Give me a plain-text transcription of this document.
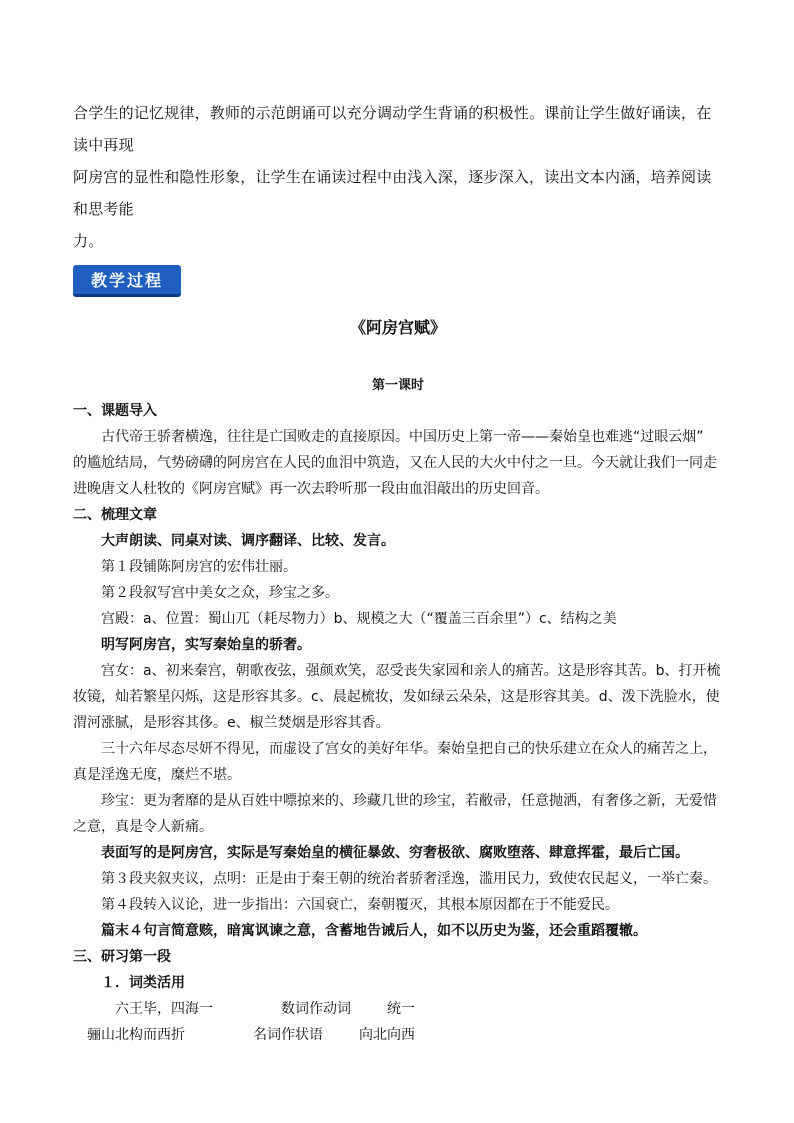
合学生的记忆规律，教师的示范朗诵可以充分调动学生背诵的积极性。课前让学生做好诵读，在读中再现

阿房宫的显性和隐性形象，让学生在诵读过程中由浅入深，逐步深入，读出文本内涵，培养阅读和思考能

力。

教学过程
《阿房宫赋》
第一课时

一、课题导入

古代帝王骄奢横逸，往往是亡国败走的直接原因。中国历史上第一帝——秦始皇也难逃“过眼云烟”

的尴尬结局，气势磅礴的阿房宫在人民的血泪中筑造，又在人民的大火中付之一旦。今天就让我们一同走

进晚唐文人杜牧的《阿房宫赋》再一次去聆听那一段由血泪敲出的历史回音。

二、梳理文章

大声朗读、同桌对读、调序翻译、比较、发言。

第１段铺陈阿房宫的宏伟壮丽。

第２段叙写宫中美女之众，珍宝之多。

宫殿：a、位置：蜀山兀（耗尽物力）b、规模之大（“覆盖三百余里”）c、结构之美

明写阿房宫，实写秦始皇的骄奢。

宫女：a、初来秦宫，朝歌夜弦，强颜欢笑，忍受丧失家园和亲人的痛苦。这是形容其苦。b、打开梳

妆镜，灿若繁星闪烁，这是形容其多。c、晨起梳妆，发如绿云朵朵，这是形容其美。d、泼下洗脸水，使

渭河涨腻，是形容其侈。e、椒兰焚烟是形容其香。

三十六年尽态尽妍不得见，而虚设了宫女的美好年华。秦始皇把自己的快乐建立在众人的痛苦之上，

真是淫逸无度，糜烂不堪。

珍宝：更为奢靡的是从百姓中嘌掠来的、珍藏几世的珍宝，若敝帚，任意抛洒，有奢侈之新，无爱惜

之意，真是令人新痛。

表面写的是阿房宫，实际是写秦始皇的横征暴敛、穷奢极欲、腐败堕落、肆意挥霍，最后亡国。

第３段夹叙夹议，点明：正是由于秦王朝的统治者骄奢淫逸，滥用民力，致使农民起义，一举亡秦。

第４段转入议论，进一步指出：六国衰亡，秦朝覆灭，其根本原因都在于不能爱民。

篇末４句言简意赅，暗寓讽谏之意，含蓄地告诫后人，如不以历史为鉴，还会重蹈覆辙。

三、研习第一段

１．词类活用

六王毕，四海一	数词作动词	统一
骊山北构而西折	名词作状语	向北向西
